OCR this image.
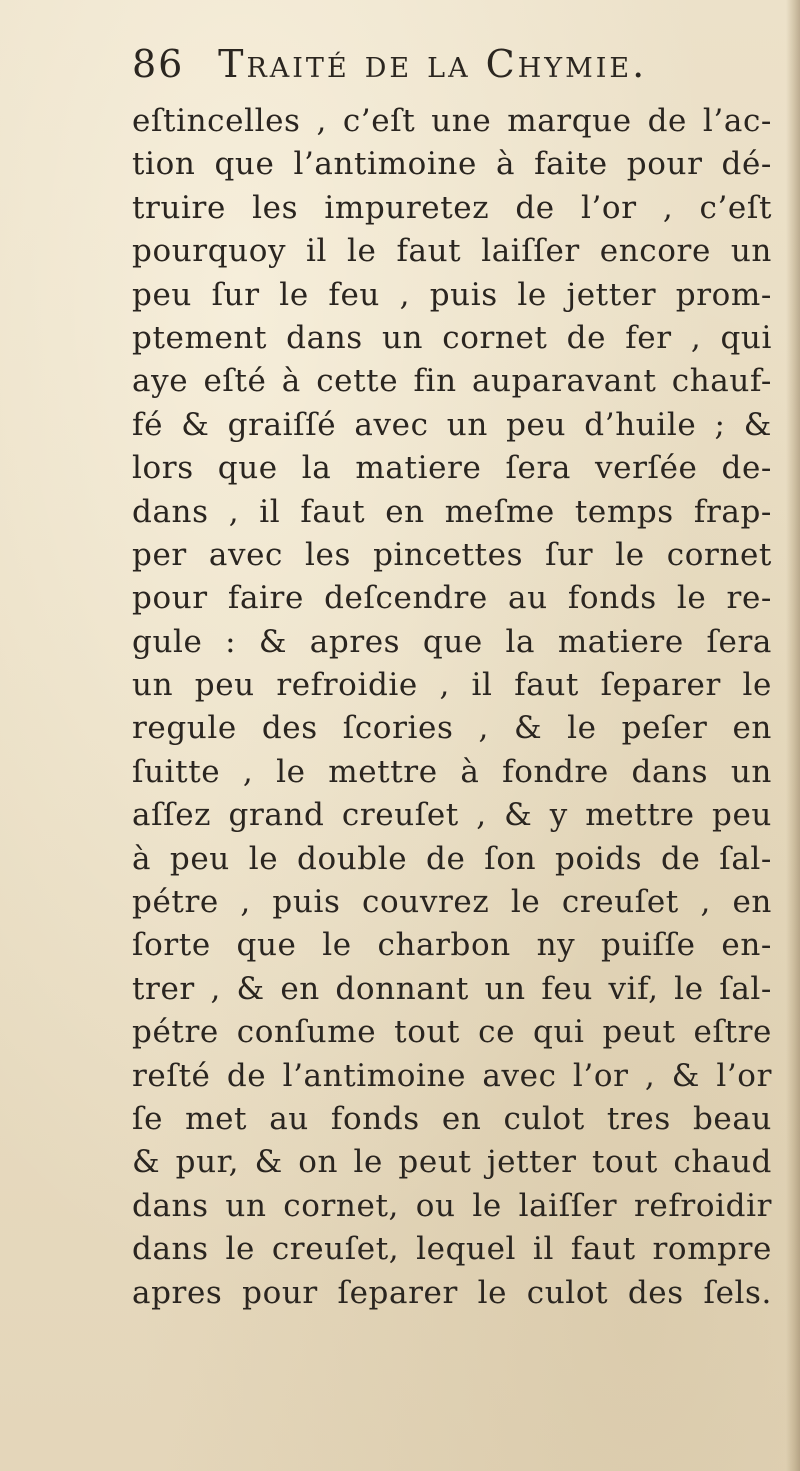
86 Traité de la Chymie.
eſtincelles , c’eſt une marque de l’ac-
tion que l’antimoine à faite pour dé-
truire les impuretez de l’or , c’eſt
pourquoy il le faut laiſſer encore un
peu ſur le feu , puis le jetter prom-
ptement dans un cornet de fer , qui
aye eſté à cette fin auparavant chauf-
fé & graiſſé avec un peu d’huile ; &
lors que la matiere ſera verſée de-
dans , il faut en meſme temps frap-
per avec les pincettes ſur le cornet
pour faire deſcendre au fonds le re-
gule : & apres que la matiere ſera
un peu refroidie , il faut ſeparer le
regule des ſcories , & le peſer en
ſuitte , le mettre à fondre dans un
aſſez grand creuſet , & y mettre peu
à peu le double de ſon poids de ſal-
pétre , puis couvrez le creuſet , en
ſorte que le charbon ny puiſſe en-
trer , & en donnant un feu vif, le ſal-
pétre conſume tout ce qui peut eſtre
reſté de l’antimoine avec l’or , & l’or
ſe met au fonds en culot tres beau
& pur, & on le peut jetter tout chaud
dans un cornet, ou le laiſſer refroidir
dans le creuſet, lequel il faut rompre
apres pour ſeparer le culot des ſels.
